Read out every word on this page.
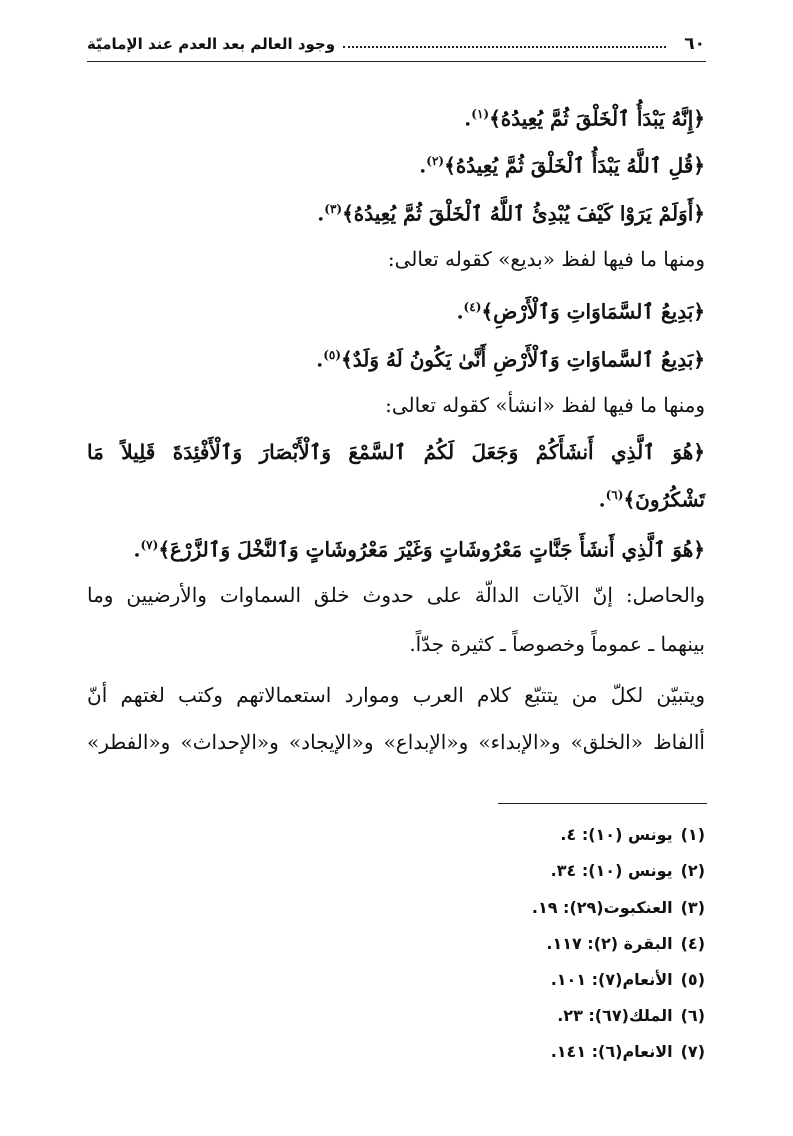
٦٠
وجود العالم بعد العدم عند الإماميّة
﴿إِنَّهُ يَبْدَأُ ٱلْخَلْقَ ثُمَّ يُعِيدُهُ﴾$^{(١)}$.
﴿قُلِ ٱللَّهُ يَبْدَأُ ٱلْخَلْقَ ثُمَّ يُعِيدُهُ﴾$^{(٢)}$.
﴿أَوَلَمْ يَرَوْا كَيْفَ يُبْدِئُ ٱللَّهُ ٱلْخَلْقَ ثُمَّ يُعِيدُهُ﴾$^{(٣)}$.
ومنها ما فيها لفظ «بديع» كقوله تعالى:
﴿بَدِيعُ ٱلسَّمَاوَاتِ وَٱلْأَرْضِ﴾$^{(٤)}$.
﴿بَدِيعُ ٱلسَّماوَاتِ وَٱلْأَرْضِ أَنَّىٰ يَكُونُ لَهُ وَلَدٌ﴾$^{(٥)}$.
ومنها ما فيها لفظ «انشأ» كقوله تعالى:
﴿هُوَ ٱلَّذِي أَنشَأَكُمْ وَجَعَلَ لَكُمُ ٱلسَّمْعَ وَٱلْأَبْصَارَ وَٱلْأَفْئِدَةَ قَلِيلاً مَا
تَشْكُرُونَ﴾$^{(٦)}$.
﴿هُوَ ٱلَّذِي أَنشَأَ جَنَّاتٍ مَعْرُوشَاتٍ وَغَيْرَ مَعْرُوشَاتٍ وَٱلنَّخْلَ وَٱلزَّرْعَ﴾$^{(٧)}$.
والحاصل: إنّ الآيات الدالّة على حدوث خلق السماوات والأرضيين وما
بينهما ـ عموماً وخصوصاً ـ كثيرة جدّاً.
ويتبيّن لكلّ من يتتبّع كلام العرب وموارد استعمالاتهم وكتب لغتهم أنّ
أالفاظ «الخلق» و«الإبداء» و«الإبداع» و«الإيجاد» و«الإحداث» و«الفطر»
(١)يونس (١٠): ٤.
(٢)يونس (١٠): ٣٤.
(٣)العنكبوت(٢٩): ١٩.
(٤)البقرة (٢): ١١٧.
(٥)الأنعام(٧): ١٠١.
(٦)الملك(٦٧): ٢٣.
(٧)الانعام(٦): ١٤١.
